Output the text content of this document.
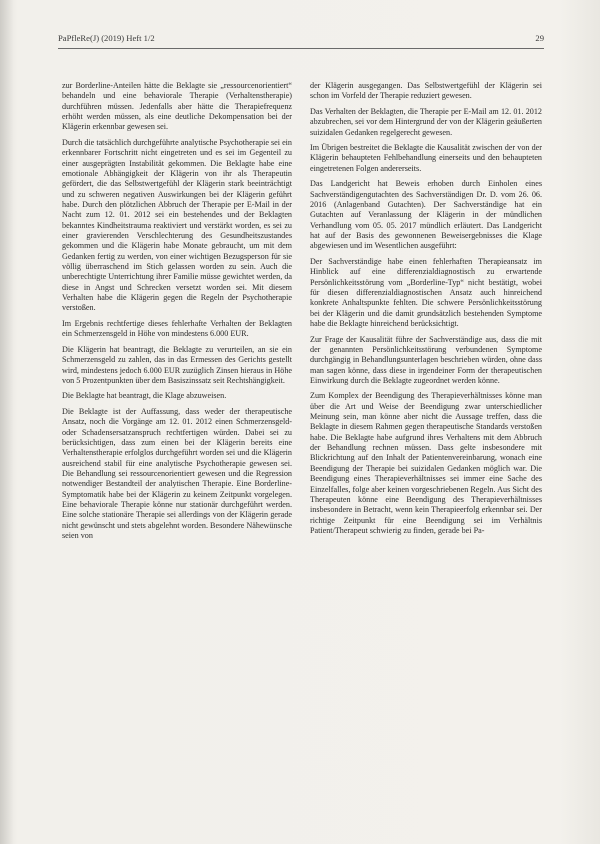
PaPfleRe(J) (2019) Heft 1/2	29

zur Borderline-Anteilen hätte die Beklagte sie „ressourcenorientiert“ behandeln und eine behaviorale Therapie (Verhaltenstherapie) durchführen müssen. Jedenfalls aber hätte die Therapiefrequenz erhöht werden müssen, als eine deutliche Dekompensation bei der Klägerin erkennbar gewesen sei.

Durch die tatsächlich durchgeführte analytische Psychotherapie sei ein erkennbarer Fortschritt nicht eingetreten und es sei im Gegenteil zu einer ausgeprägten Instabilität gekommen. Die Beklagte habe eine emotionale Abhängigkeit der Klägerin von ihr als Therapeutin gefördert, die das Selbstwertgefühl der Klägerin stark beeinträchtigt und zu schweren negativen Auswirkungen bei der Klägerin geführt habe. Durch den plötzlichen Abbruch der Therapie per E-Mail in der Nacht zum 12. 01. 2012 sei ein bestehendes und der Beklagten bekanntes Kindheitstrauma reaktiviert und verstärkt worden, es sei zu einer gravierenden Verschlechterung des Gesundheitszustandes gekommen und die Klägerin habe Monate gebraucht, um mit dem Gedanken fertig zu werden, von einer wichtigen Bezugsperson für sie völlig überraschend im Stich gelassen worden zu sein. Auch die unberechtigte Unterrichtung ihrer Familie müsse gewichtet werden, da diese in Angst und Schrecken versetzt worden sei. Mit diesem Verhalten habe die Klägerin gegen die Regeln der Psychotherapie verstoßen.

Im Ergebnis rechtfertige dieses fehlerhafte Verhalten der Beklagten ein Schmerzensgeld in Höhe von mindestens 6.000 EUR.

Die Klägerin hat beantragt, die Beklagte zu verurteilen, an sie ein Schmerzensgeld zu zahlen, das in das Ermessen des Gerichts gestellt wird, mindestens jedoch 6.000 EUR zuzüglich Zinsen hieraus in Höhe von 5 Prozentpunkten über dem Basiszinssatz seit Rechtshängigkeit.

Die Beklagte hat beantragt, die Klage abzuweisen.

Die Beklagte ist der Auffassung, dass weder der therapeutische Ansatz, noch die Vorgänge am 12. 01. 2012 einen Schmerzensgeld- oder Schadensersatzanspruch rechtfertigen würden. Dabei sei zu berücksichtigen, dass zum einen bei der Klägerin bereits eine Verhaltenstherapie erfolglos durchgeführt worden sei und die Klägerin ausreichend stabil für eine analytische Psychotherapie gewesen sei. Die Behandlung sei ressourcenorientiert gewesen und die Regression notwendiger Bestandteil der analytischen Therapie. Eine Borderline-Symptomatik habe bei der Klägerin zu keinem Zeitpunkt vorgelegen. Eine behaviorale Therapie könne nur stationär durchgeführt werden. Eine solche stationäre Therapie sei allerdings von der Klägerin gerade nicht gewünscht und stets abgelehnt worden. Besondere Nähewünsche seien von

der Klägerin ausgegangen. Das Selbstwertgefühl der Klägerin sei schon im Vorfeld der Therapie reduziert gewesen.

Das Verhalten der Beklagten, die Therapie per E-Mail am 12. 01. 2012 abzubrechen, sei vor dem Hintergrund der von der Klägerin geäußerten suizidalen Gedanken regelgerecht gewesen.

Im Übrigen bestreitet die Beklagte die Kausalität zwischen der von der Klägerin behaupteten Fehlbehandlung einerseits und den behaupteten eingetretenen Folgen andererseits.

Das Landgericht hat Beweis erhoben durch Einholen eines Sachverständigengutachten des Sachverständigen Dr. D. vom 26. 06. 2016 (Anlagenband Gutachten). Der Sachverständige hat ein Gutachten auf Veranlassung der Klägerin in der mündlichen Verhandlung vom 05. 05. 2017 mündlich erläutert. Das Landgericht hat auf der Basis des gewonnenen Beweisergebnisses die Klage abgewiesen und im Wesentlichen ausgeführt:

Der Sachverständige habe einen fehlerhaften Therapieansatz im Hinblick auf eine differenzialdiagnostisch zu erwartende Persönlichkeitsstörung vom „Borderline-Typ“ nicht bestätigt, wobei für diesen differenzialdiagnostischen Ansatz auch hinreichend konkrete Anhaltspunkte fehlten. Die schwere Persönlichkeitsstörung bei der Klägerin und die damit grundsätzlich bestehenden Symptome habe die Beklagte hinreichend berücksichtigt.

Zur Frage der Kausalität führe der Sachverständige aus, dass die mit der genannten Persönlichkeitsstörung verbundenen Symptome durchgängig in Behandlungsunterlagen beschrieben würden, ohne dass man sagen könne, dass diese in irgendeiner Form der therapeutischen Einwirkung durch die Beklagte zugeordnet werden könne.

Zum Komplex der Beendigung des Therapieverhältnisses könne man über die Art und Weise der Beendigung zwar unterschiedlicher Meinung sein, man könne aber nicht die Aussage treffen, dass die Beklagte in diesem Rahmen gegen therapeutische Standards verstoßen habe. Die Beklagte habe aufgrund ihres Verhaltens mit dem Abbruch der Behandlung rechnen müssen. Dass gelte insbesondere mit Blickrichtung auf den Inhalt der Patientenvereinbarung, wonach eine Beendigung der Therapie bei suizidalen Gedanken möglich war. Die Beendigung eines Therapieverhältnisses sei immer eine Sache des Einzelfalles, folge aber keinen vorgeschriebenen Regeln. Aus Sicht des Therapeuten könne eine Beendigung des Therapieverhältnisses insbesondere in Betracht, wenn kein Therapieerfolg erkennbar sei. Der richtige Zeitpunkt für eine Beendigung sei im Verhältnis Patient/Therapeut schwierig zu finden, gerade bei Pa-
